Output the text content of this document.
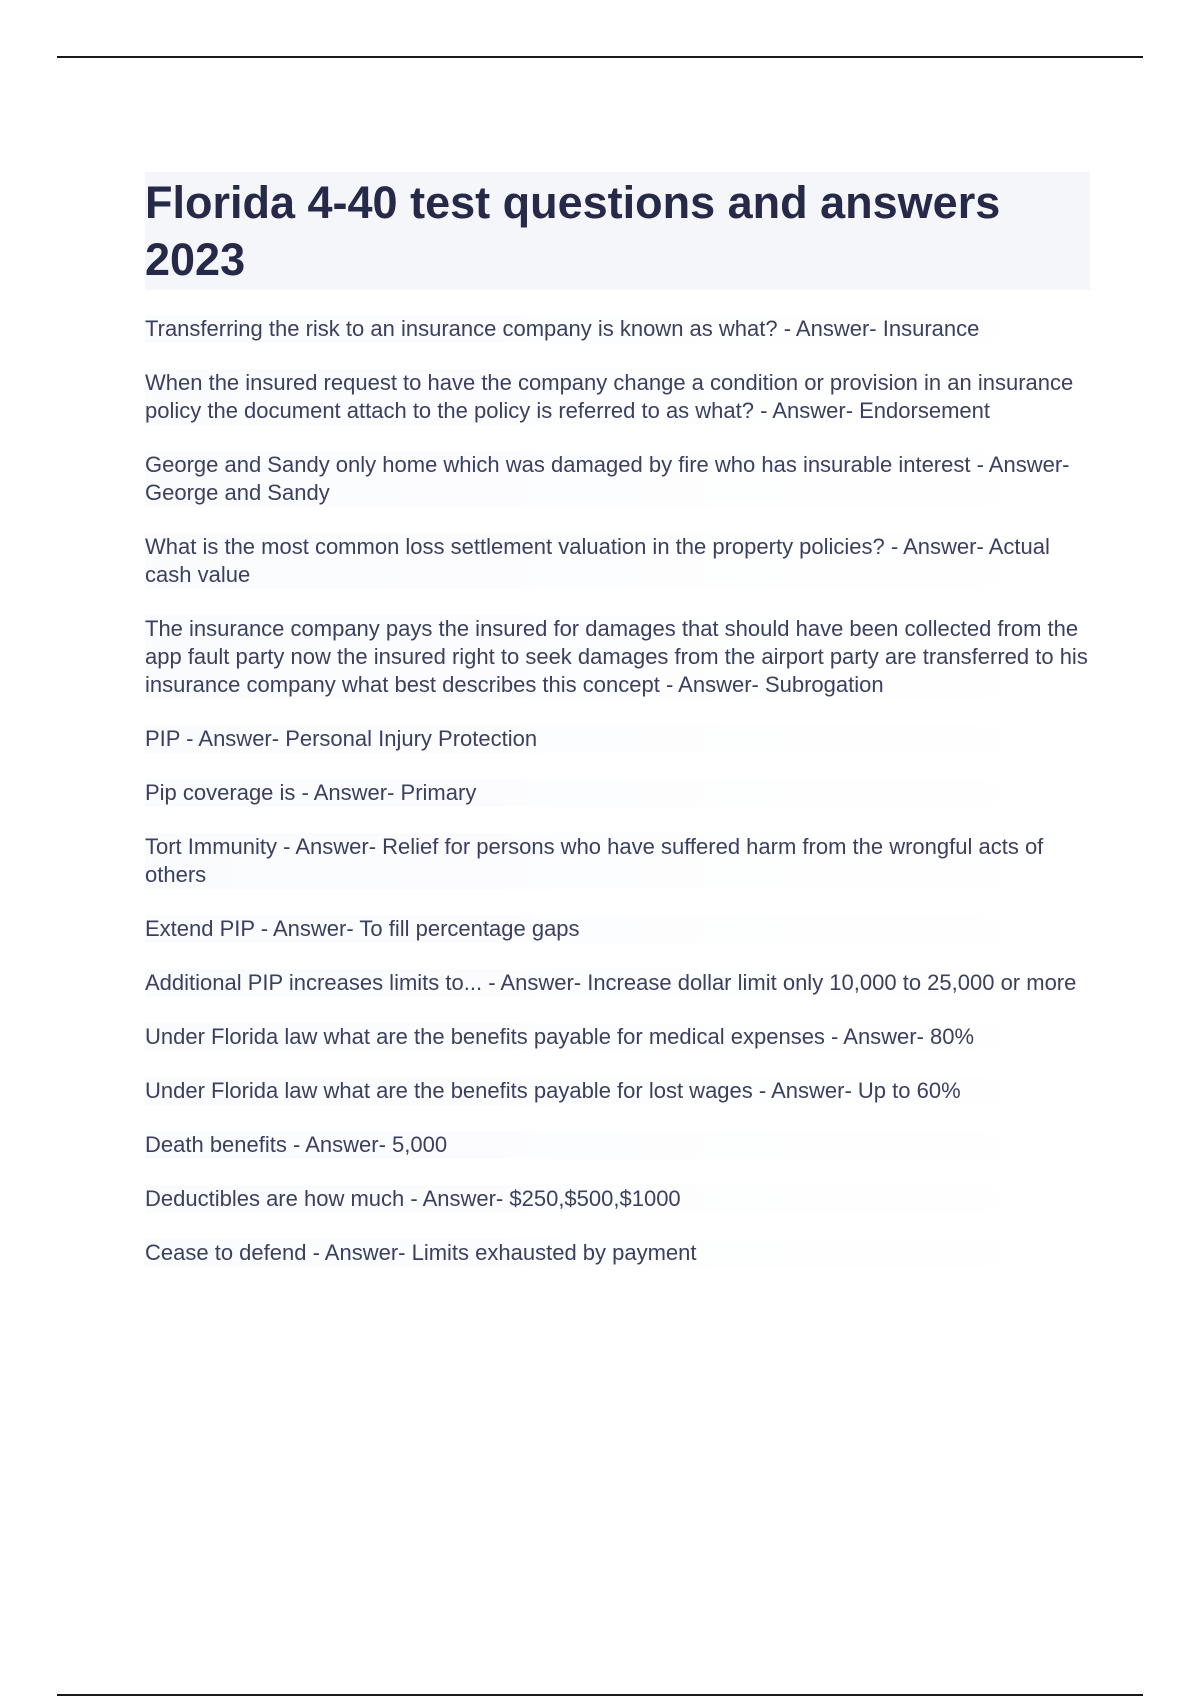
Florida 4-40 test questions and answers 2023
Transferring the risk to an insurance company is known as what? - Answer- Insurance
When the insured request to have the company change a condition or provision in an insurance policy the document attach to the policy is referred to as what? - Answer- Endorsement
George and Sandy only home which was damaged by fire who has insurable interest - Answer- George and Sandy
What is the most common loss settlement valuation in the property policies? - Answer- Actual cash value
The insurance company pays the insured for damages that should have been collected from the app fault party now the insured right to seek damages from the airport party are transferred to his insurance company what best describes this concept - Answer- Subrogation
PIP - Answer- Personal Injury Protection
Pip coverage is - Answer- Primary
Tort Immunity - Answer- Relief for persons who have suffered harm from the wrongful acts of others
Extend PIP - Answer- To fill percentage gaps
Additional PIP increases limits to... - Answer- Increase dollar limit only 10,000 to 25,000 or more
Under Florida law what are the benefits payable for medical expenses - Answer- 80%
Under Florida law what are the benefits payable for lost wages - Answer- Up to 60%
Death benefits - Answer- 5,000
Deductibles are how much - Answer- $250,$500,$1000
Cease to defend - Answer- Limits exhausted by payment
